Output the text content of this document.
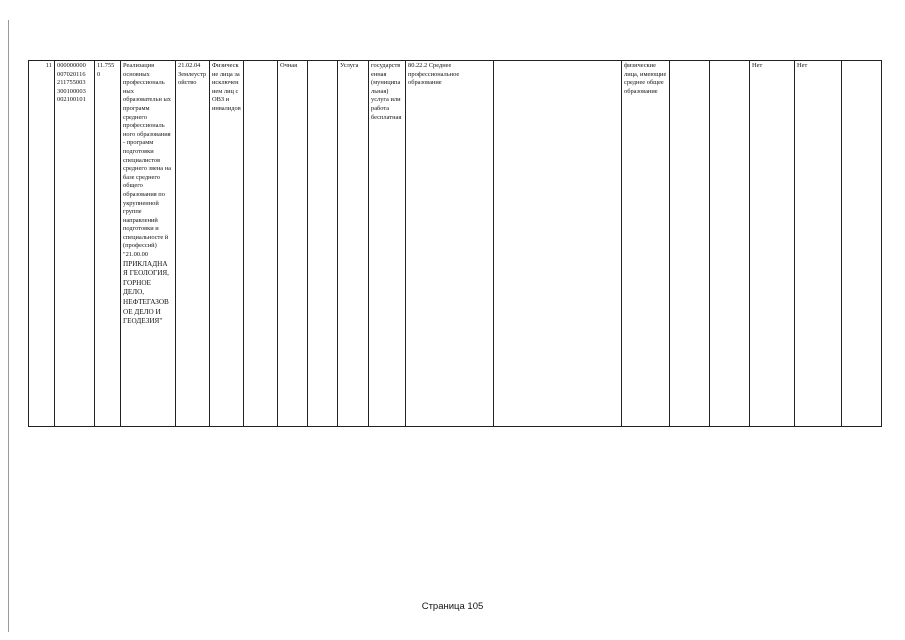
11	000000000 007020116 211755003 300100003 002100101	11.755 0	Реализация основных профессиональ ных образовательн ых программ среднего профессиональ ного образования - программ подготовки специалистов среднего звена на базе среднего общего образования по укрупненной группе направлений подготовки и специальносте й (профессий) "21.00.00 ПРИКЛАДНА Я ГЕОЛОГИЯ, ГОРНОЕ ДЕЛО, НЕФТЕГАЗОВ ОЕ ДЕЛО И ГЕОДЕЗИЯ"	21.02.04 Землеустройство	Физические лица за исключением лиц с ОВЗ и инвалидов		Очная		Услуга	государственная (муниципальная) услуга или работа бесплатная	80.22.2 Среднее профессиональное образование		физические лица, имеющие среднее общее образование			Нет	Нет	
Страница 105
